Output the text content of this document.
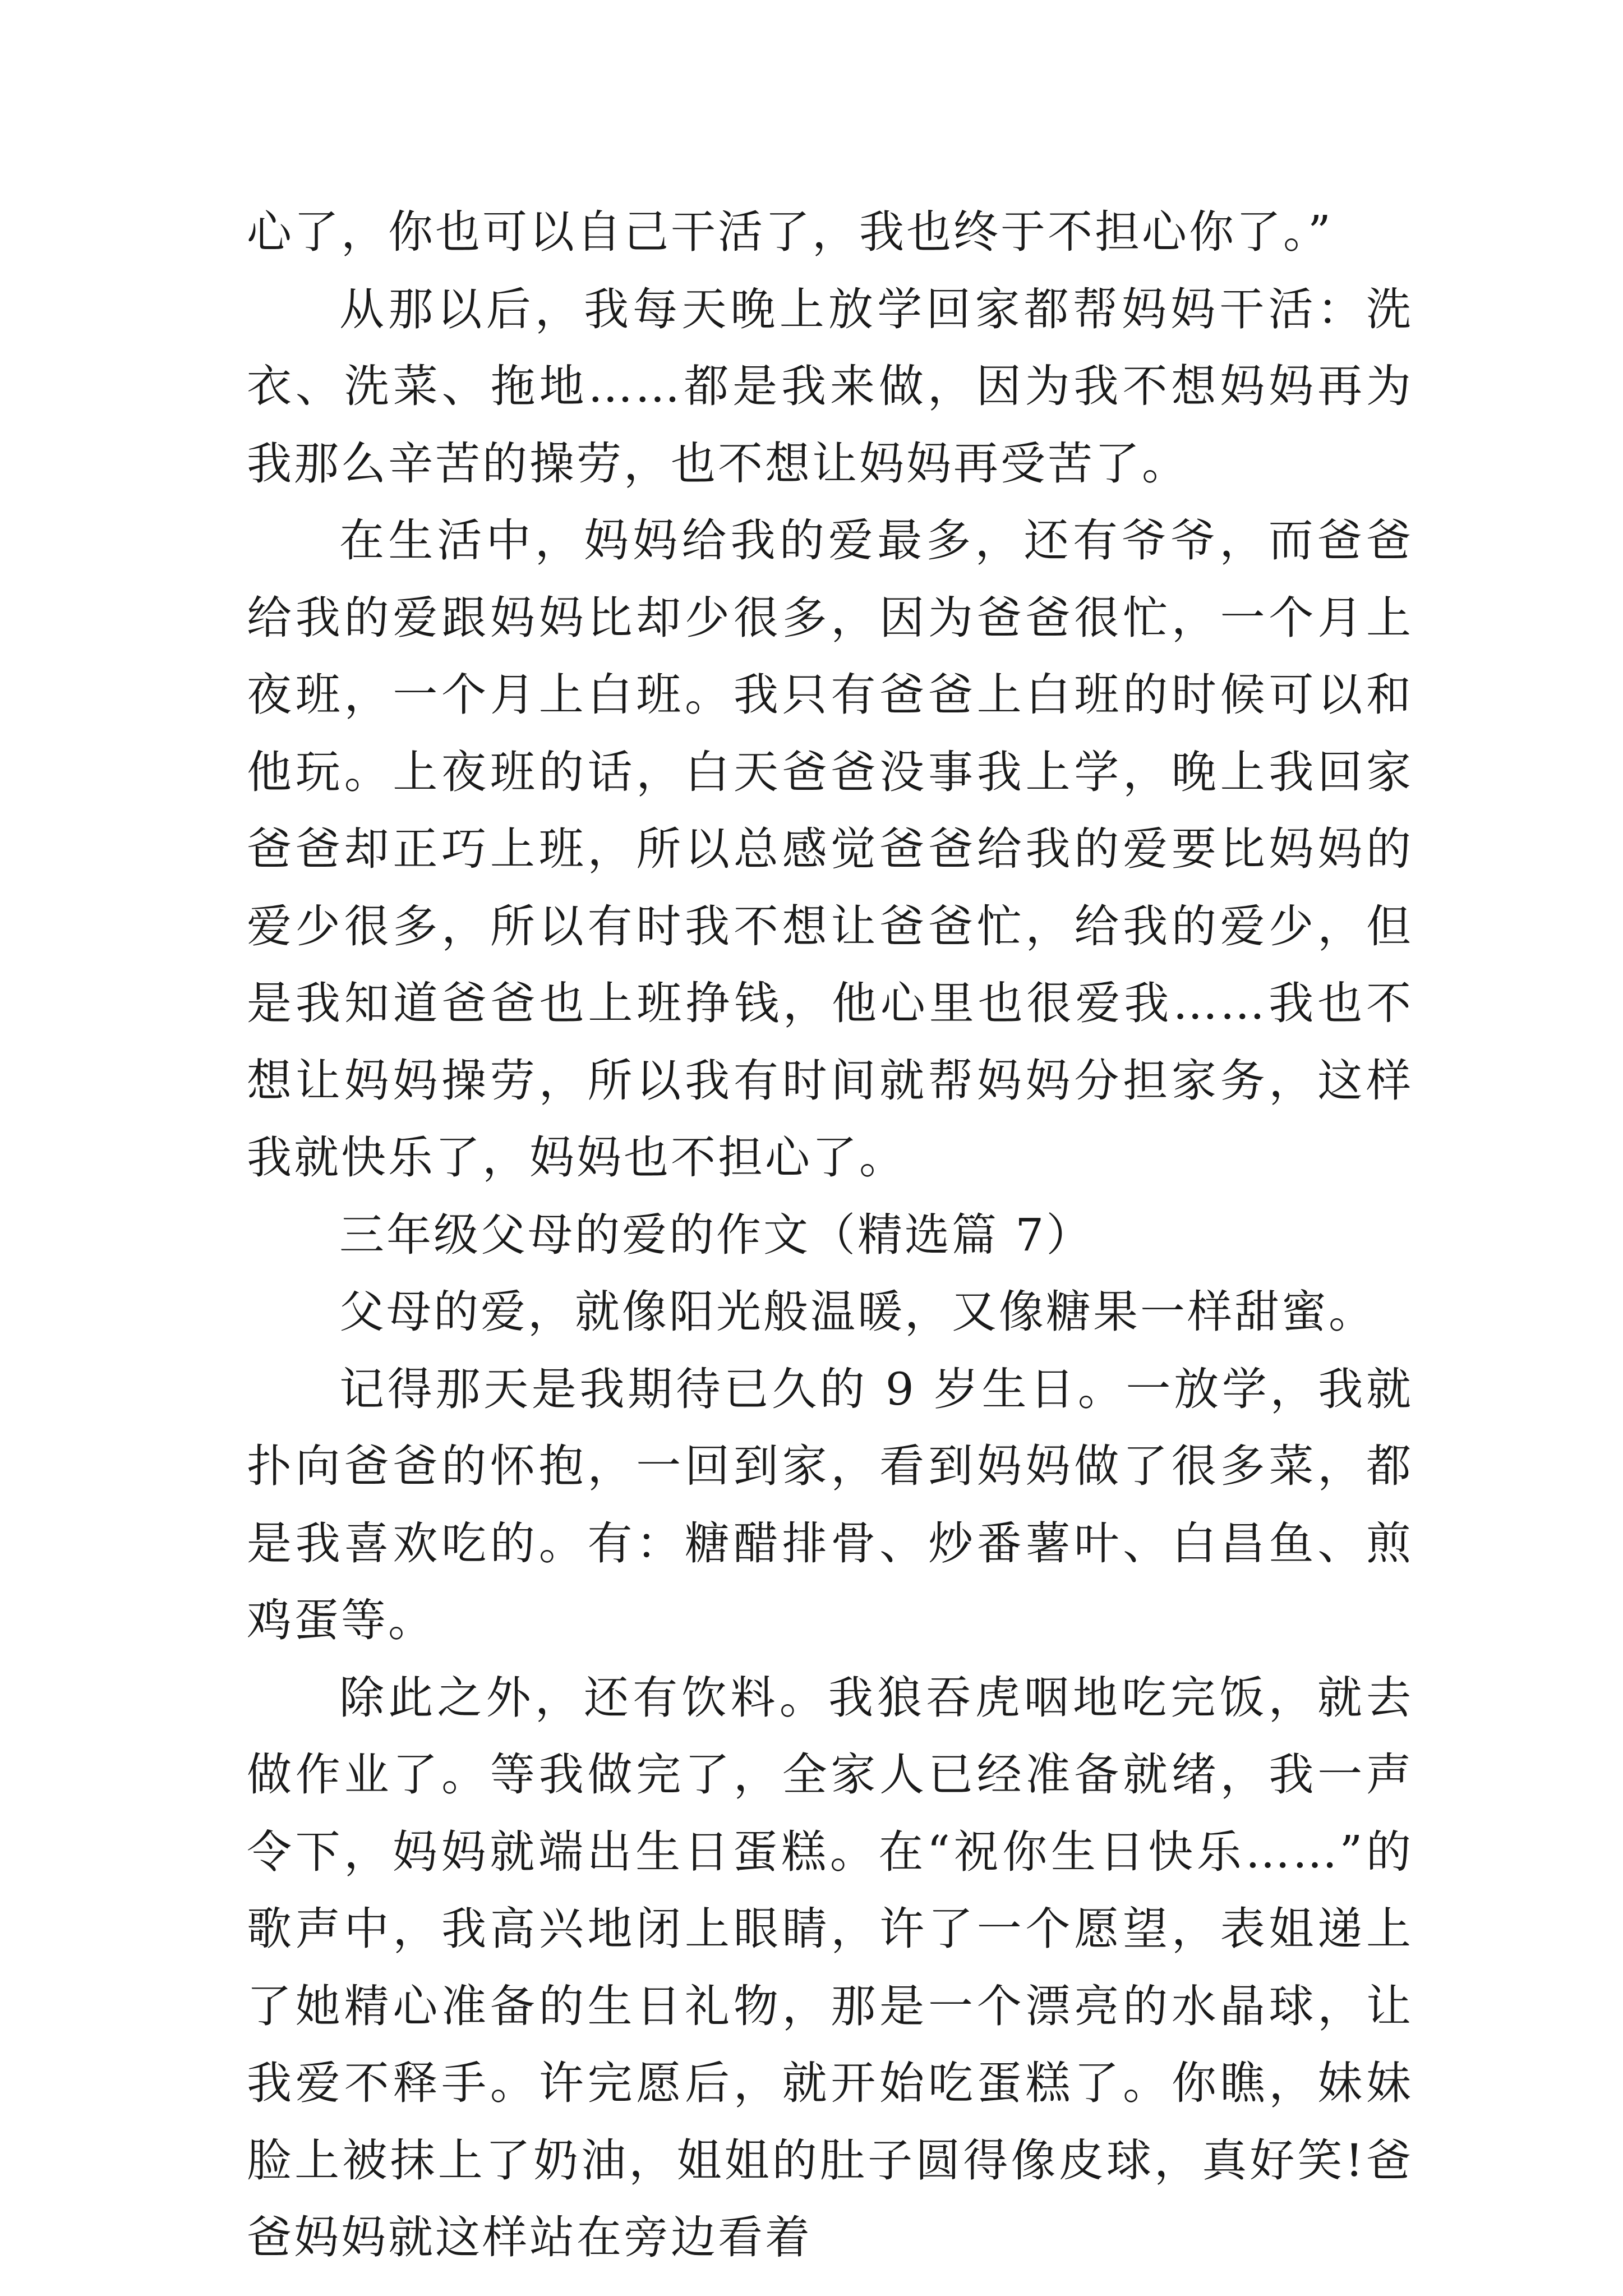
心了，你也可以自己干活了，我也终于不担心你了。”

从那以后，我每天晚上放学回家都帮妈妈干活：洗衣、洗菜、拖地……都是我来做，因为我不想妈妈再为我那么辛苦的操劳，也不想让妈妈再受苦了。

在生活中，妈妈给我的爱最多，还有爷爷，而爸爸给我的爱跟妈妈比却少很多，因为爸爸很忙，一个月上夜班，一个月上白班。我只有爸爸上白班的时候可以和他玩。上夜班的话，白天爸爸没事我上学，晚上我回家爸爸却正巧上班，所以总感觉爸爸给我的爱要比妈妈的爱少很多，所以有时我不想让爸爸忙，给我的爱少，但是我知道爸爸也上班挣钱，他心里也很爱我……我也不想让妈妈操劳，所以我有时间就帮妈妈分担家务，这样我就快乐了，妈妈也不担心了。

三年级父母的爱的作文（精选篇 7）

父母的爱，就像阳光般温暖，又像糖果一样甜蜜。

记得那天是我期待已久的 9 岁生日。一放学，我就扑向爸爸的怀抱，一回到家，看到妈妈做了很多菜，都是我喜欢吃的。有：糖醋排骨、炒番薯叶、白昌鱼、煎鸡蛋等。

除此之外，还有饮料。我狼吞虎咽地吃完饭，就去做作业了。等我做完了，全家人已经准备就绪，我一声令下，妈妈就端出生日蛋糕。在“祝你生日快乐……”的歌声中，我高兴地闭上眼睛，许了一个愿望，表姐递上了她精心准备的生日礼物，那是一个漂亮的水晶球，让我爱不释手。许完愿后，就开始吃蛋糕了。你瞧，妹妹脸上被抹上了奶油，姐姐的肚子圆得像皮球，真好笑!爸爸妈妈就这样站在旁边看着
